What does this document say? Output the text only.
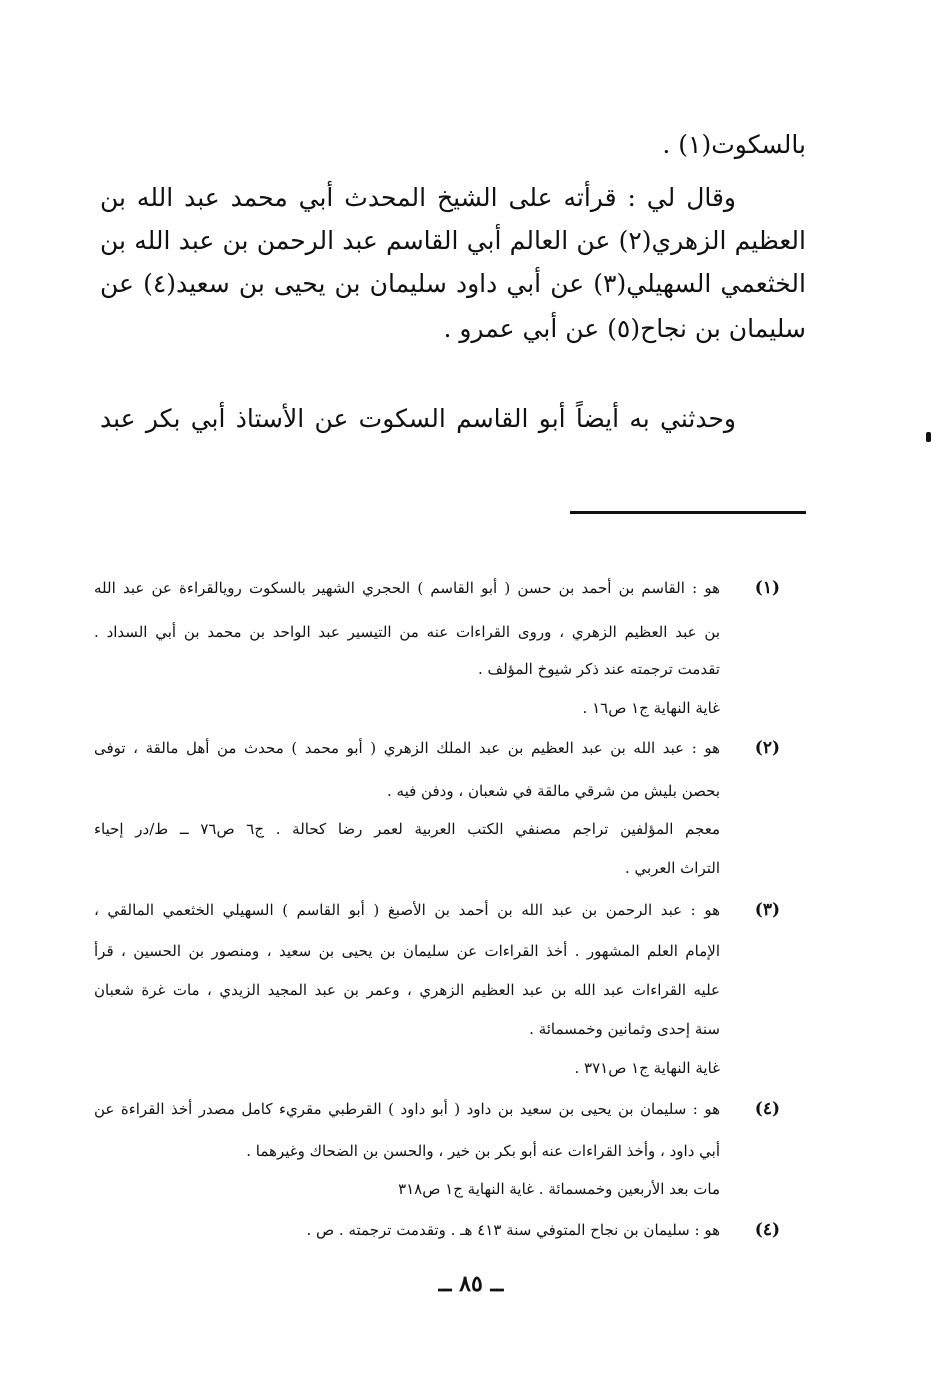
بالسكوت(١) .
وقال لي : قرأته على الشيخ المحدث أبي محمد عبد الله بن
العظيم الزهري(٢) عن العالم أبي القاسم عبد الرحمن بن عبد الله بن
الخثعمي السهيلي(٣) عن أبي داود سليمان بن يحيى بن سعيد(٤) عن
سليمان بن نجاح(٥) عن أبي عمرو .
وحدثني به أيضاً أبو القاسم السكوت عن الأستاذ أبي بكر عبد
(١)
هو : القاسم بن أحمد بن حسن ( أبو القاسم ) الحجري الشهير بالسكوت رويالقراءة عن عبد الله
بن عبد العظيم الزهري ، وروى القراءات عنه من التيسير عبد الواحد بن محمد بن أبي السداد .
تقدمت ترجمته عند ذكر شيوخ المؤلف .
غاية النهاية ج١ ص١٦ .
(٢)
هو : عبد الله بن عبد العظيم بن عبد الملك الزهري ( أبو محمد ) محدث من أهل مالقة ، توفى
بحصن بليش من شرقي مالقة في شعبان ، ودفن فيه .
معجم المؤلفين تراجم مصنفي الكتب العربية لعمر رضا كحالة . ج٦ ص٧٦ ــ ط/در إحياء
التراث العربي .
(٣)
هو : عبد الرحمن بن عبد الله بن أحمد بن الأصبغ ( أبو القاسم ) السهيلي الخثعمي المالقي ،
الإمام العلم المشهور . أخذ القراءات عن سليمان بن يحيى بن سعيد ، ومنصور بن الحسين ، قرأ
عليه القراءات عبد الله بن عبد العظيم الزهري ، وعمر بن عبد المجيد الزيدي ، مات غرة شعبان
سنة إحدى وثمانين وخمسمائة .
غاية النهاية ج١ ص٣٧١ .
(٤)
هو : سليمان بن يحيى بن سعيد بن داود ( أبو داود ) القرطبي مقريء كامل مصدر أخذ القراءة عن
أبي داود ، وأخذ القراءات عنه أبو بكر بن خير ، والحسن بن الضحاك وغيرهما .
مات بعد الأربعين وخمسمائة . غاية النهاية ج١ ص٣١٨
(٤)
هو : سليمان بن نجاح المتوفي سنة ٤١٣ هـ . وتقدمت ترجمته . ص .
ــ ٨٥ ــ
